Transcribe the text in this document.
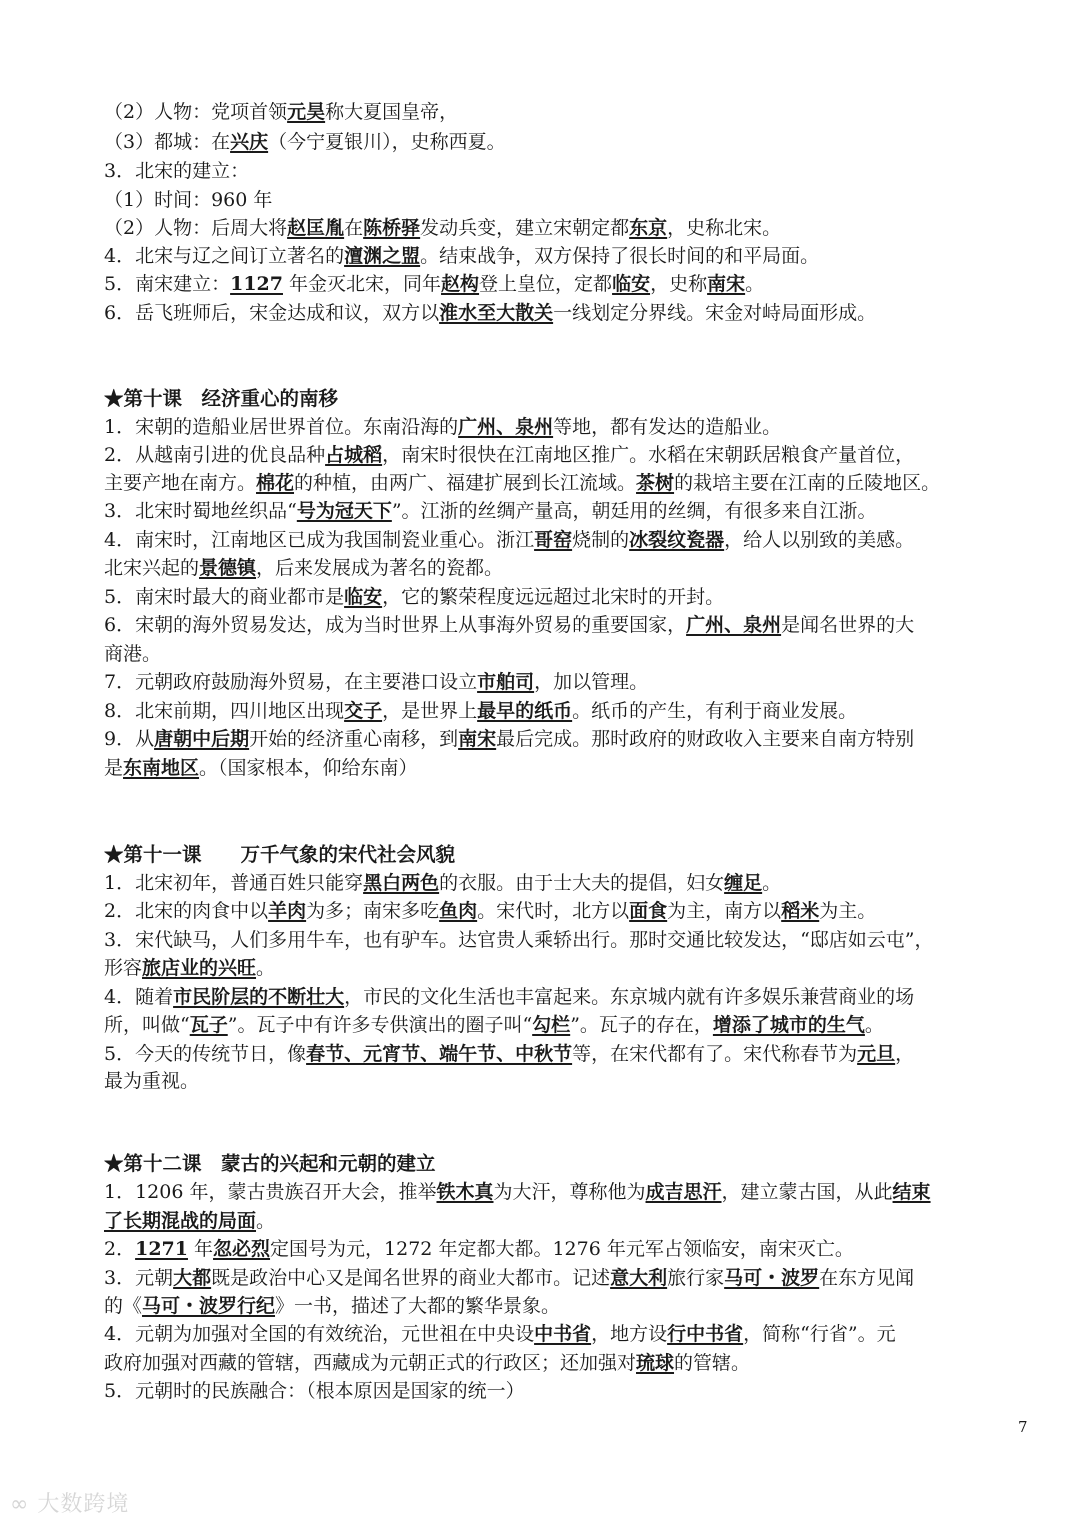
（2）人物：党项首领元昊称大夏国皇帝，
（3）都城：在兴庆（今宁夏银川），史称西夏。
3．北宋的建立：
（1）时间：960 年
（2）人物：后周大将赵匡胤在陈桥驿发动兵变，建立宋朝定都东京，史称北宋。
4．北宋与辽之间订立著名的澶渊之盟。结束战争，双方保持了很长时间的和平局面。
5．南宋建立：1127 年金灭北宋，同年赵构登上皇位，定都临安，史称南宋。
6．岳飞班师后，宋金达成和议，双方以淮水至大散关一线划定分界线。宋金对峙局面形成。
★第十课　经济重心的南移
1．宋朝的造船业居世界首位。东南沿海的广州、泉州等地，都有发达的造船业。
2．从越南引进的优良品种占城稻，南宋时很快在江南地区推广。水稻在宋朝跃居粮食产量首位，
主要产地在南方。棉花的种植，由两广、福建扩展到长江流域。茶树的栽培主要在江南的丘陵地区。
3．北宋时蜀地丝织品“号为冠天下”。江浙的丝绸产量高，朝廷用的丝绸，有很多来自江浙。
4．南宋时，江南地区已成为我国制瓷业重心。浙江哥窑烧制的冰裂纹瓷器，给人以别致的美感。
北宋兴起的景德镇，后来发展成为著名的瓷都。
5．南宋时最大的商业都市是临安，它的繁荣程度远远超过北宋时的开封。
6．宋朝的海外贸易发达，成为当时世界上从事海外贸易的重要国家，广州、泉州是闻名世界的大
商港。
7．元朝政府鼓励海外贸易，在主要港口设立市舶司，加以管理。
8．北宋前期，四川地区出现交子，是世界上最早的纸币。纸币的产生，有利于商业发展。
9．从唐朝中后期开始的经济重心南移，到南宋最后完成。那时政府的财政收入主要来自南方特别
是东南地区。（国家根本，仰给东南）
★第十一课　　万千气象的宋代社会风貌
1．北宋初年，普通百姓只能穿黑白两色的衣服。由于士大夫的提倡，妇女缠足。
2．北宋的肉食中以羊肉为多；南宋多吃鱼肉。宋代时，北方以面食为主，南方以稻米为主。
3．宋代缺马，人们多用牛车，也有驴车。达官贵人乘轿出行。那时交通比较发达，“邸店如云屯”，
形容旅店业的兴旺。
4．随着市民阶层的不断壮大，市民的文化生活也丰富起来。东京城内就有许多娱乐兼营商业的场
所，叫做“瓦子”。瓦子中有许多专供演出的圈子叫“勾栏”。瓦子的存在，增添了城市的生气。
5．今天的传统节日，像春节、元宵节、端午节、中秋节等，在宋代都有了。宋代称春节为元旦，
最为重视。
★第十二课　蒙古的兴起和元朝的建立
1．1206 年，蒙古贵族召开大会，推举铁木真为大汗，尊称他为成吉思汗，建立蒙古国，从此结束
了长期混战的局面。
2．1271 年忽必烈定国号为元，1272 年定都大都。1276 年元军占领临安，南宋灭亡。
3．元朝大都既是政治中心又是闻名世界的商业大都市。记述意大利旅行家马可・波罗在东方见闻
的《马可・波罗行纪》一书，描述了大都的繁华景象。
4．元朝为加强对全国的有效统治，元世祖在中央设中书省，地方设行中书省，简称“行省”。元
政府加强对西藏的管辖，西藏成为元朝正式的行政区；还加强对琉球的管辖。
5．元朝时的民族融合：（根本原因是国家的统一）
7
∞ 大数跨境
